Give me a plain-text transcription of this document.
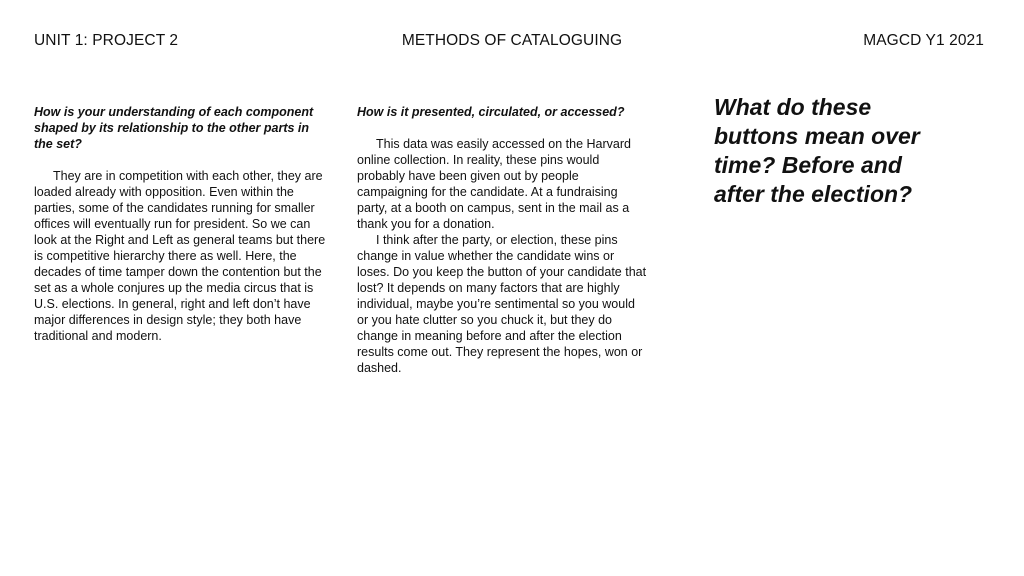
UNIT 1: PROJECT 2	METHODS OF CATALOGUING	MAGCD Y1 2021

How is your understanding of each component shaped by its relationship to the other parts in the set?

They are in competition with each other, they are loaded already with opposition. Even within the parties, some of the candidates running for smaller offices will eventually run for president. So we can look at the Right and Left as general teams but there is competitive hierarchy there as well. Here, the decades of time tamper down the contention but the set as a whole conjures up the media circus that is U.S. elections. In general, right and left don’t have major differences in design style; they both have traditional and modern.

How is it presented, circulated, or accessed?

This data was easily accessed on the Harvard online collection. In reality, these pins would probably have been given out by people campaigning for the candidate. At a fundraising party, at a booth on campus, sent in the mail as a thank you for a donation.

I think after the party, or election, these pins change in value whether the candidate wins or loses. Do you keep the button of your candidate that lost? It depends on many factors that are highly individual, maybe you’re sentimental so you would or you hate clutter so you chuck it, but they do change in meaning before and after the election results come out. They represent the hopes, won or dashed.

What do these buttons mean over time? Before and after the election?
